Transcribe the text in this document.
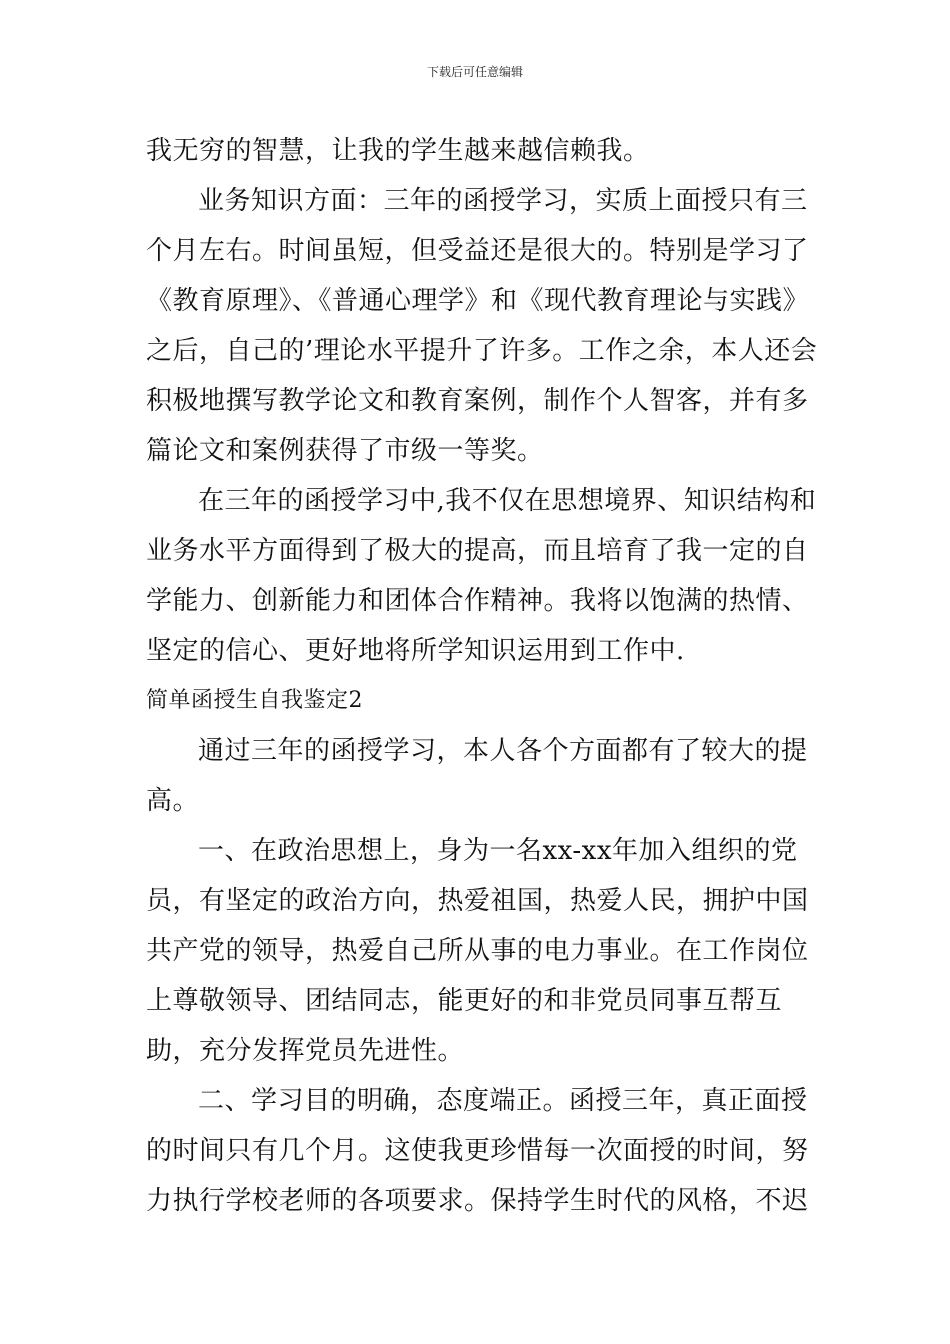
下载后可任意编辑

我无穷的智慧，让我的学生越来越信赖我。

业务知识方面：三年的函授学习，实质上面授只有三个月左右。时间虽短，但受益还是很大的。特别是学习了《教育原理》、《普通心理学》和《现代教育理论与实践》之后，自己的’理论水平提升了许多。工作之余，本人还会积极地撰写教学论文和教育案例，制作个人智客，并有多篇论文和案例获得了市级一等奖。

在三年的函授学习中,我不仅在思想境界、知识结构和业务水平方面得到了极大的提高，而且培育了我一定的自学能力、创新能力和团体合作精神。我将以饱满的热情、坚定的信心、更好地将所学知识运用到工作中.

简单函授生自我鉴定2

通过三年的函授学习，本人各个方面都有了较大的提高。

一、在政治思想上，身为一名xx-xx年加入组织的党员，有坚定的政治方向，热爱祖国，热爱人民，拥护中国共产党的领导，热爱自己所从事的电力事业。在工作岗位上尊敬领导、团结同志，能更好的和非党员同事互帮互助，充分发挥党员先进性。

二、学习目的明确，态度端正。函授三年，真正面授的时间只有几个月。这使我更珍惜每一次面授的时间，努力执行学校老师的各项要求。保持学生时代的风格，不迟
